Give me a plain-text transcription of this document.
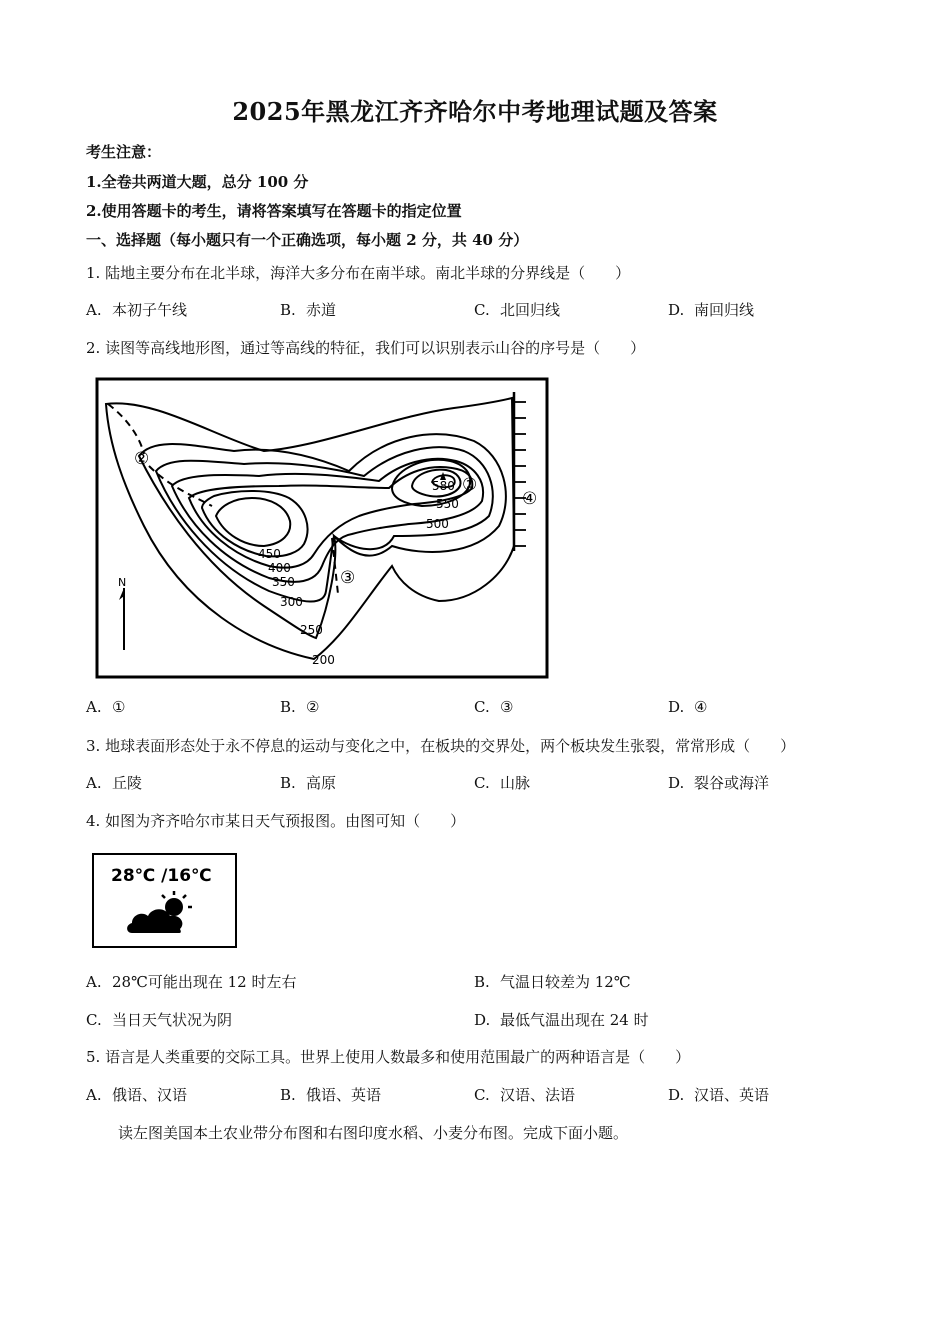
2025年黑龙江齐齐哈尔中考地理试题及答案
考生注意：
1.全卷共两道大题，总分 100 分
2.使用答题卡的考生，请将答案填写在答题卡的指定位置
一、选择题（每小题只有一个正确选项，每小题 2 分，共 40 分）
1. 陆地主要分布在北半球，海洋大多分布在南半球。南北半球的分界线是（　　）
A. 本初子午线	B. 赤道	C. 北回归线	D. 南回归线
2. 读图等高线地形图，通过等高线的特征，我们可以识别表示山谷的序号是（　　）
N
580
550
500
450
400
350
300
250
200
①
②
③
④
A. ①	B. ②	C. ③	D. ④
3. 地球表面形态处于永不停息的运动与变化之中，在板块的交界处，两个板块发生张裂，常常形成（　　）
A. 丘陵	B. 高原	C. 山脉	D. 裂谷或海洋
4. 如图为齐齐哈尔市某日天气预报图。由图可知（　　）
28℃ /16℃
A. 28℃可能出现在 12 时左右	B. 气温日较差为 12℃
C. 当日天气状况为阴	D. 最低气温出现在 24 时
5. 语言是人类重要的交际工具。世界上使用人数最多和使用范围最广的两种语言是（　　）
A. 俄语、汉语	B. 俄语、英语	C. 汉语、法语	D. 汉语、英语
读左图美国本土农业带分布图和右图印度水稻、小麦分布图。完成下面小题。
